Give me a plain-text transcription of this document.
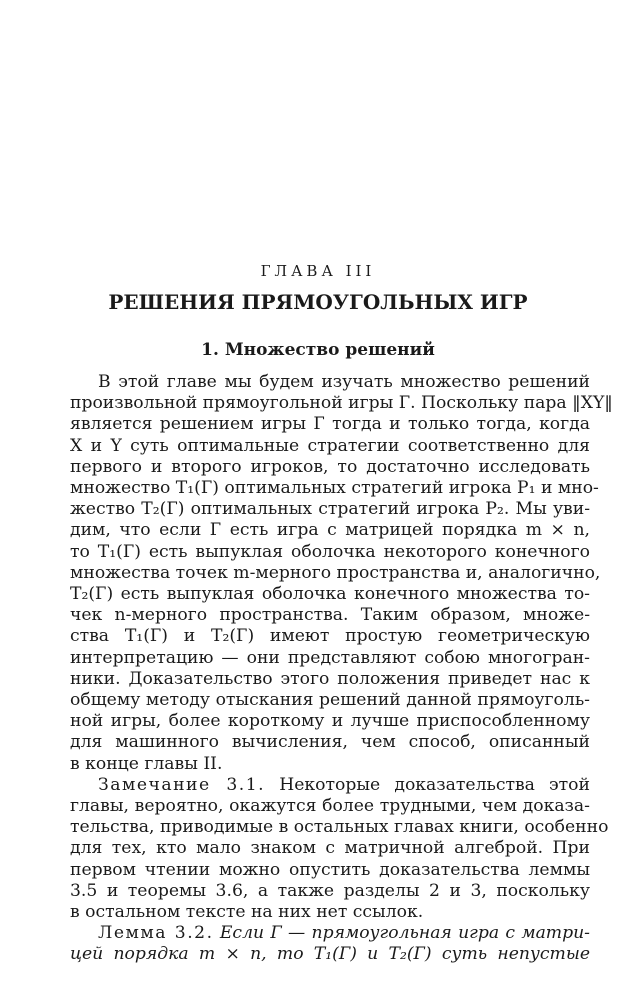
ГЛАВА III
РЕШЕНИЯ ПРЯМОУГОЛЬНЫХ ИГР
1. Множество решений
В этой главе мы будем изучать множество решений
произвольной прямоугольной игры Г. Поскольку пара ‖XY‖
является решением игры Г тогда и только тогда, когда
X и Y суть оптимальные стратегии соответственно для
первого и второго игроков, то достаточно исследовать
множество T₁(Г) оптимальных стратегий игрока P₁ и мно-
жество T₂(Г) оптимальных стратегий игрока P₂. Мы уви-
дим, что если Г есть игра с матрицей порядка m × n,
то T₁(Г) есть выпуклая оболочка некоторого конечного
множества точек m-мерного пространства и, аналогично,
T₂(Г) есть выпуклая оболочка конечного множества то-
чек n-мерного пространства. Таким образом, множе-
ства T₁(Г) и T₂(Г) имеют простую геометрическую
интерпретацию — они представляют собою многогран-
ники. Доказательство этого положения приведет нас к
общему методу отыскания решений данной прямоуголь-
ной игры, более короткому и лучше приспособленному
для машинного вычисления, чем способ, описанный
в конце главы II.
Замечание 3.1. Некоторые доказательства этой
главы, вероятно, окажутся более трудными, чем доказа-
тельства, приводимые в остальных главах книги, особенно
для тех, кто мало знаком с матричной алгеброй. При
первом чтении можно опустить доказательства леммы
3.5 и теоремы 3.6, а также разделы 2 и 3, поскольку
в остальном тексте на них нет ссылок.
Лемма 3.2. Если Г — прямоугольная игра с матри-
цей порядка m × n, то T₁(Г) и T₂(Г) суть непустые
